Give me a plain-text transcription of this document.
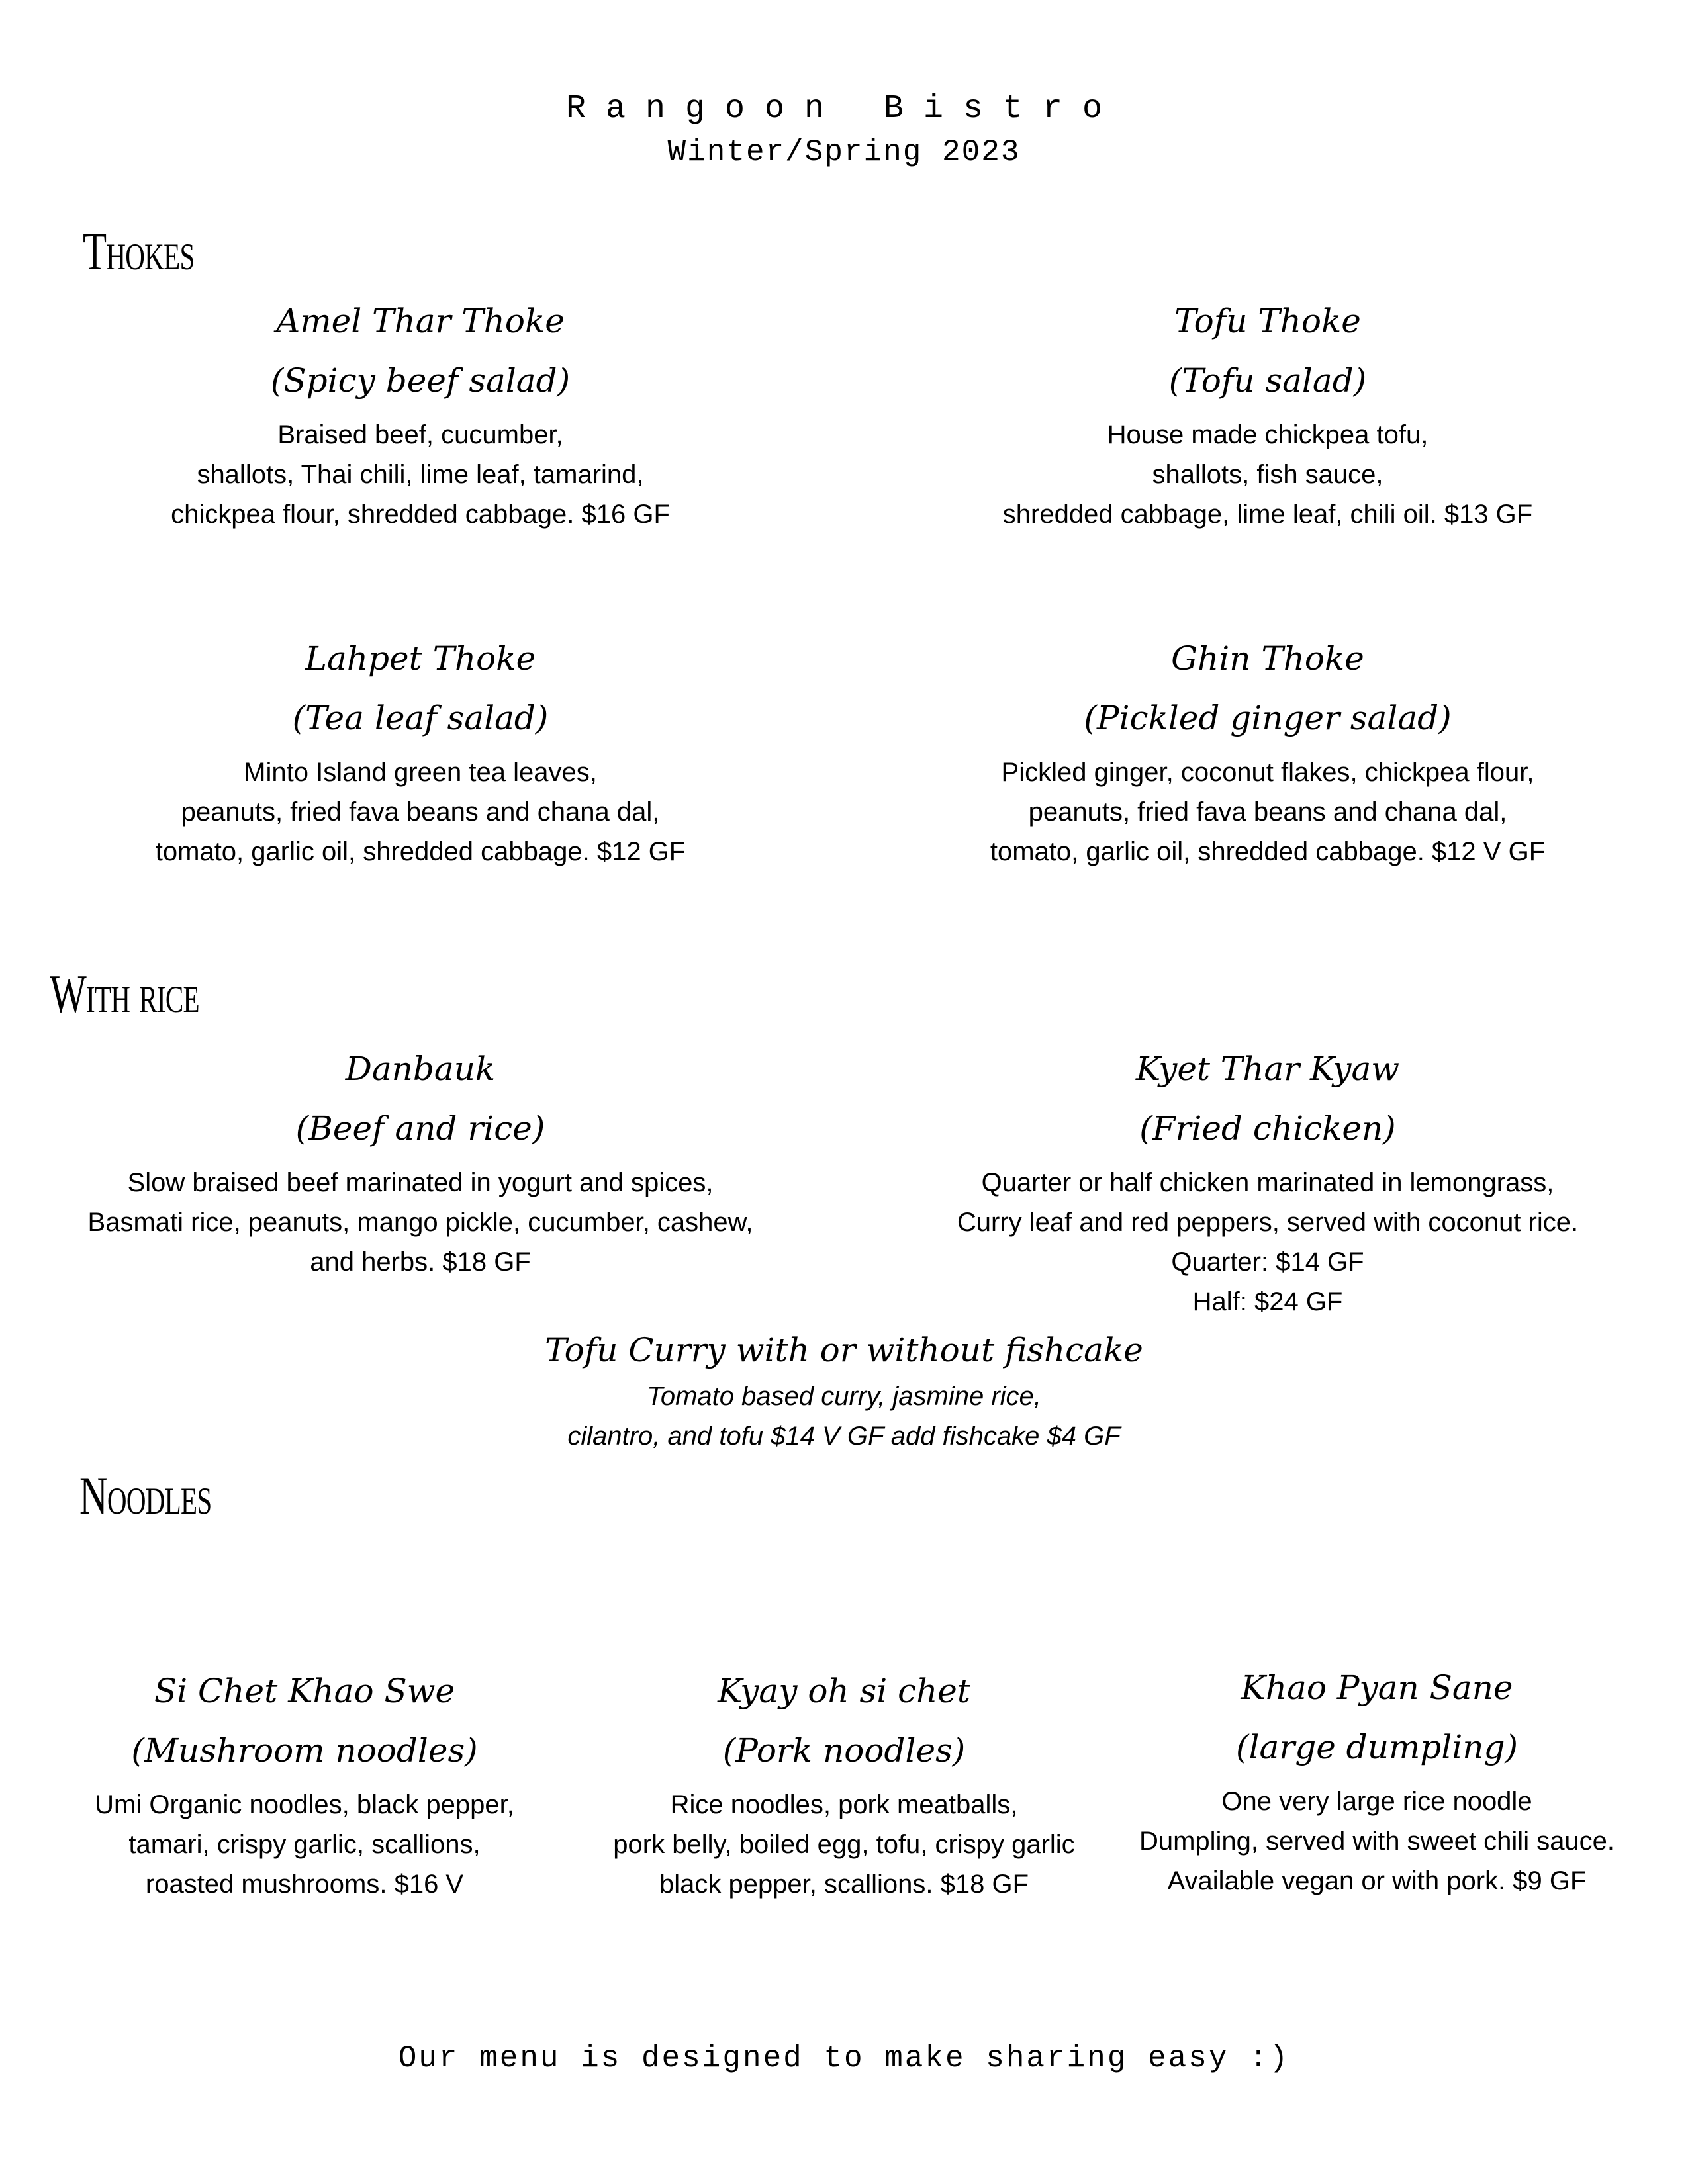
Rangoon Bistro
Winter/Spring 2023
Thokes
Amel Thar Thoke
(Spicy beef salad)
Braised beef, cucumber,
shallots, Thai chili, lime leaf, tamarind,
chickpea flour, shredded cabbage. $16 GF
Tofu Thoke
(Tofu salad)
House made chickpea tofu,
shallots, fish sauce,
shredded cabbage, lime leaf, chili oil. $13 GF
Lahpet Thoke
(Tea leaf salad)
Minto Island green tea leaves,
peanuts, fried fava beans and chana dal,
tomato, garlic oil, shredded cabbage. $12 GF
Ghin Thoke
(Pickled ginger salad)
Pickled ginger, coconut flakes, chickpea flour,
peanuts, fried fava beans and chana dal,
tomato, garlic oil, shredded cabbage. $12 V GF
With rice
Danbauk
(Beef and rice)
Slow braised beef marinated in yogurt and spices,
Basmati rice, peanuts, mango pickle, cucumber, cashew,
and herbs. $18 GF
Kyet Thar Kyaw
(Fried chicken)
Quarter or half chicken marinated in lemongrass,
Curry leaf and red peppers, served with coconut rice.
Quarter: $14 GF
Half: $24 GF
Tofu Curry with or without fishcake
Tomato based curry, jasmine rice,
cilantro, and tofu $14 V GF add fishcake $4 GF
Noodles
Si Chet Khao Swe
(Mushroom noodles)
Umi Organic noodles, black pepper,
tamari, crispy garlic, scallions,
roasted mushrooms. $16 V
Kyay oh si chet
(Pork noodles)
Rice noodles, pork meatballs,
pork belly, boiled egg, tofu, crispy garlic
black pepper, scallions. $18 GF
Khao Pyan Sane
(large dumpling)
One very large rice noodle
Dumpling, served with sweet chili sauce.
Available vegan or with pork. $9 GF
Our menu is designed to make sharing easy :)
